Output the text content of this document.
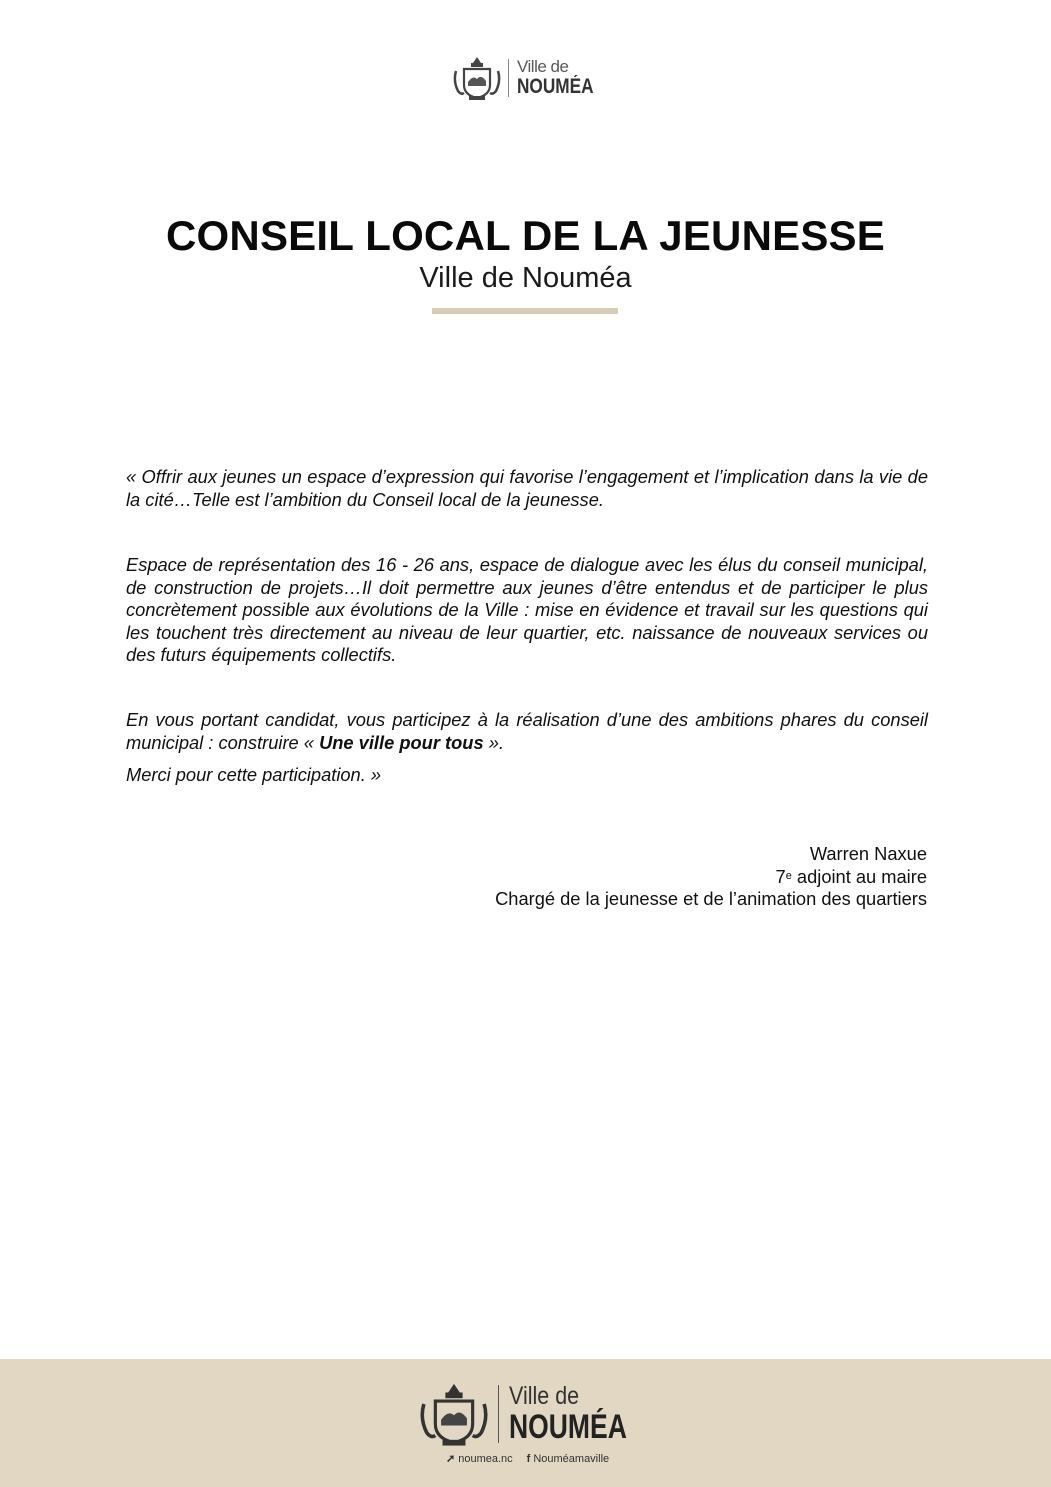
Ville de
NOUMÉA
CONSEIL LOCAL DE LA JEUNESSE
Ville de Nouméa

« Offrir aux jeunes un espace d’expression qui favorise l’engagement et l’implication dans la vie de la cité…Telle est l’ambition du Conseil local de la jeunesse.

Espace de représentation des 16 - 26 ans, espace de dialogue avec les élus du conseil municipal, de construction de projets…Il doit permettre aux jeunes d’être entendus et de participer le plus concrètement possible aux évolutions de la Ville : mise en évidence et travail sur les questions qui les touchent très directement au niveau de leur quartier, etc. naissance de nouveaux services ou des futurs équipements collectifs.

En vous portant candidat, vous participez à la réalisation d’une des ambitions phares du conseil municipal : construire « Une ville pour tous ».

Merci pour cette participation. »

Warren Naxue
7e adjoint au maire
Chargé de la jeunesse et de l’animation des quartiers
Ville de
NOUMÉA
➚ noumea.nc f Nouméamaville
